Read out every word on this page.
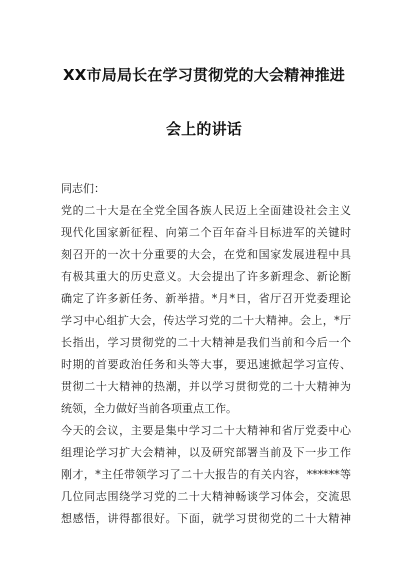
XX市局局长在学习贯彻党的大会精神推进
会上的讲话
同志们：
党的二十大是在全党全国各族人民迈上全面建设社会主义
现代化国家新征程、向第二个百年奋斗目标进军的关键时
刻召开的一次十分重要的大会，在党和国家发展进程中具
有极其重大的历史意义。大会提出了许多新理念、新论断
确定了许多新任务、新举措。*月*日，省厅召开党委理论
学习中心组扩大会，传达学习党的二十大精神。会上，*厅
长指出，学习贯彻党的二十大精神是我们当前和今后一个
时期的首要政治任务和头等大事，要迅速掀起学习宣传、
贯彻二十大精神的热潮，并以学习贯彻党的二十大精神为
统领，全力做好当前各项重点工作。
今天的会议，主要是集中学习二十大精神和省厅党委中心
组理论学习扩大会精神，以及研究部署当前及下一步工作
刚才，*主任带领学习了二十大报告的有关内容，******等
几位同志围绕学习党的二十大精神畅谈学习体会，交流思
想感悟，讲得都很好。下面，就学习贯彻党的二十大精神
